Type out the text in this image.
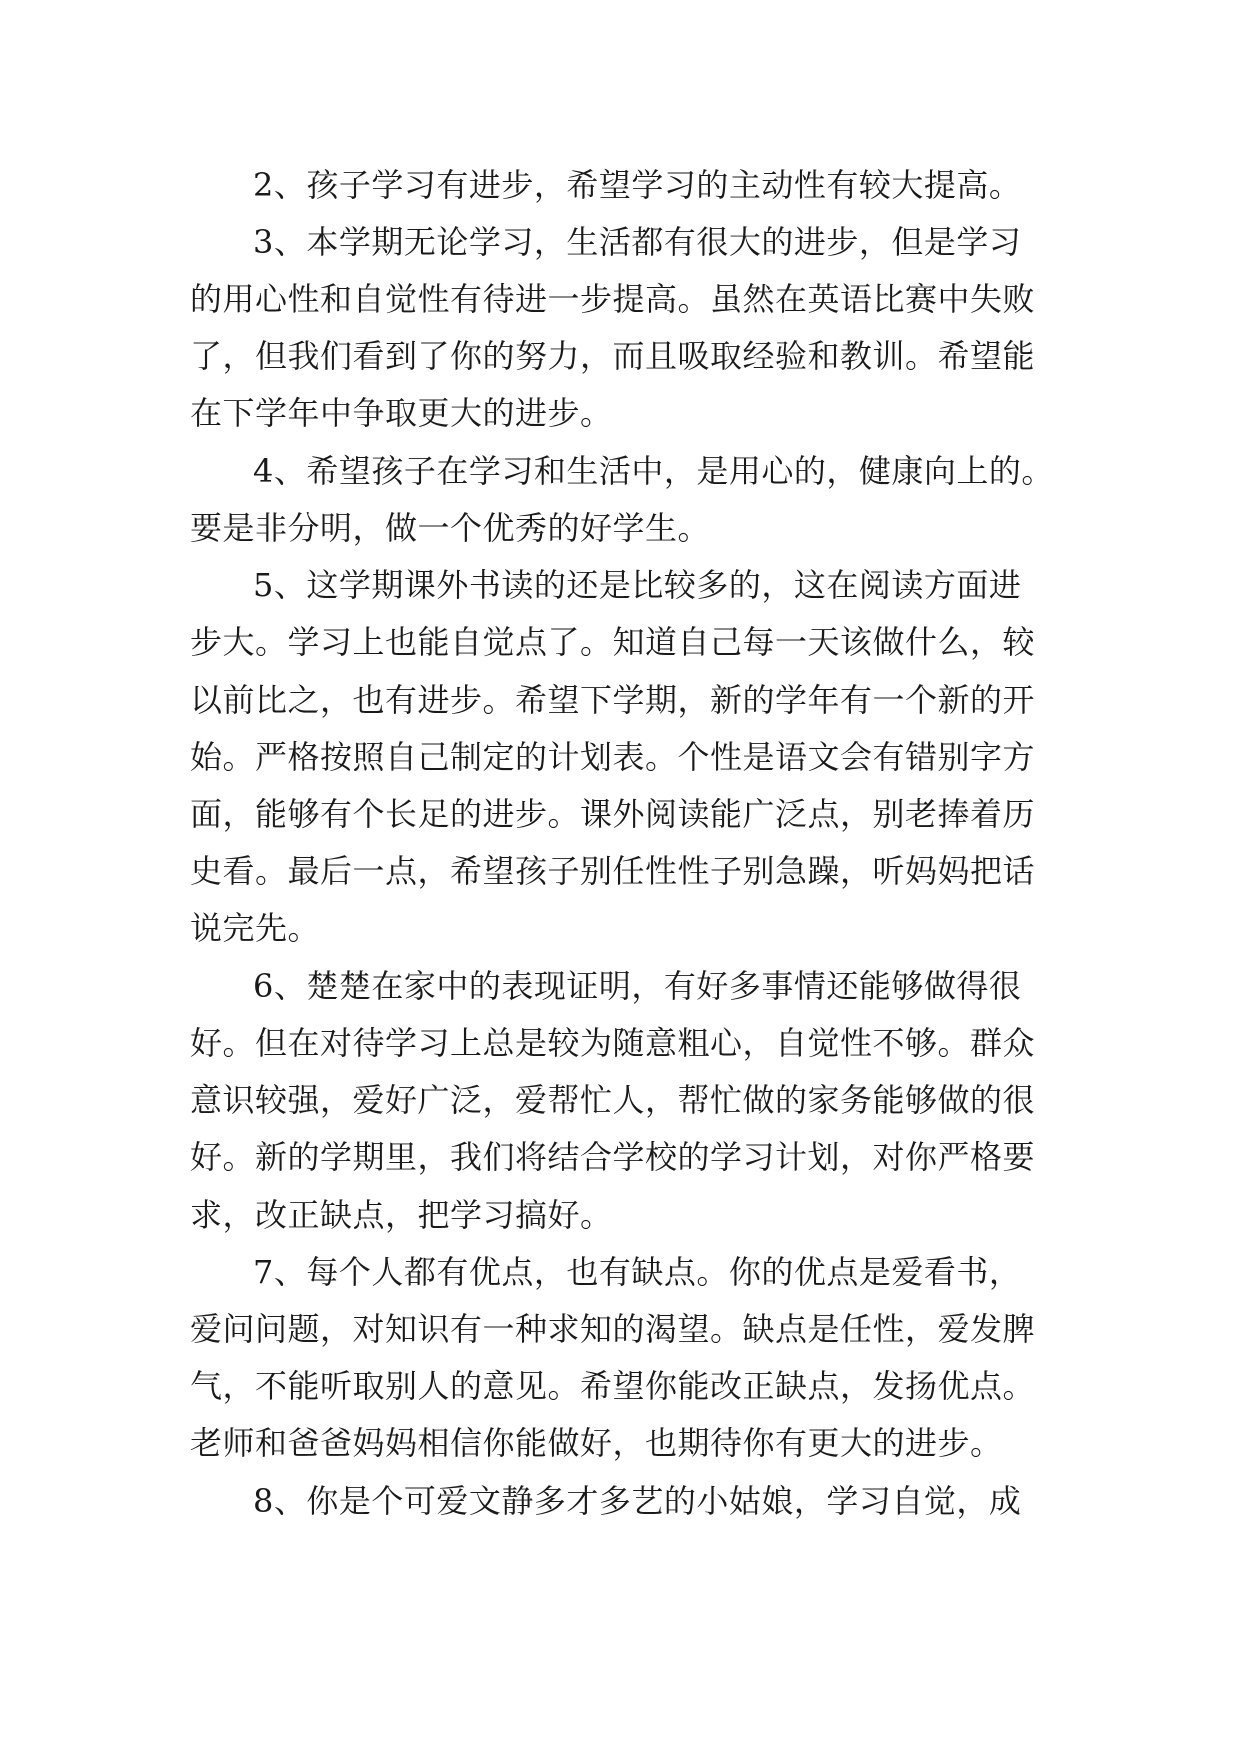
2、孩子学习有进步，希望学习的主动性有较大提高。
3、本学期无论学习，生活都有很大的进步，但是学习
的用心性和自觉性有待进一步提高。虽然在英语比赛中失败
了，但我们看到了你的努力，而且吸取经验和教训。希望能
在下学年中争取更大的进步。
4、希望孩子在学习和生活中，是用心的，健康向上的。
要是非分明，做一个优秀的好学生。
5、这学期课外书读的还是比较多的，这在阅读方面进
步大。学习上也能自觉点了。知道自己每一天该做什么，较
以前比之，也有进步。希望下学期，新的学年有一个新的开
始。严格按照自己制定的计划表。个性是语文会有错别字方
面，能够有个长足的进步。课外阅读能广泛点，别老捧着历
史看。最后一点，希望孩子别任性性子别急躁，听妈妈把话
说完先。
6、楚楚在家中的表现证明，有好多事情还能够做得很
好。但在对待学习上总是较为随意粗心，自觉性不够。群众
意识较强，爱好广泛，爱帮忙人，帮忙做的家务能够做的很
好。新的学期里，我们将结合学校的学习计划，对你严格要
求，改正缺点，把学习搞好。
7、每个人都有优点，也有缺点。你的优点是爱看书，
爱问问题，对知识有一种求知的渴望。缺点是任性，爱发脾
气，不能听取别人的意见。希望你能改正缺点，发扬优点。
老师和爸爸妈妈相信你能做好，也期待你有更大的进步。
8、你是个可爱文静多才多艺的小姑娘，学习自觉，成
